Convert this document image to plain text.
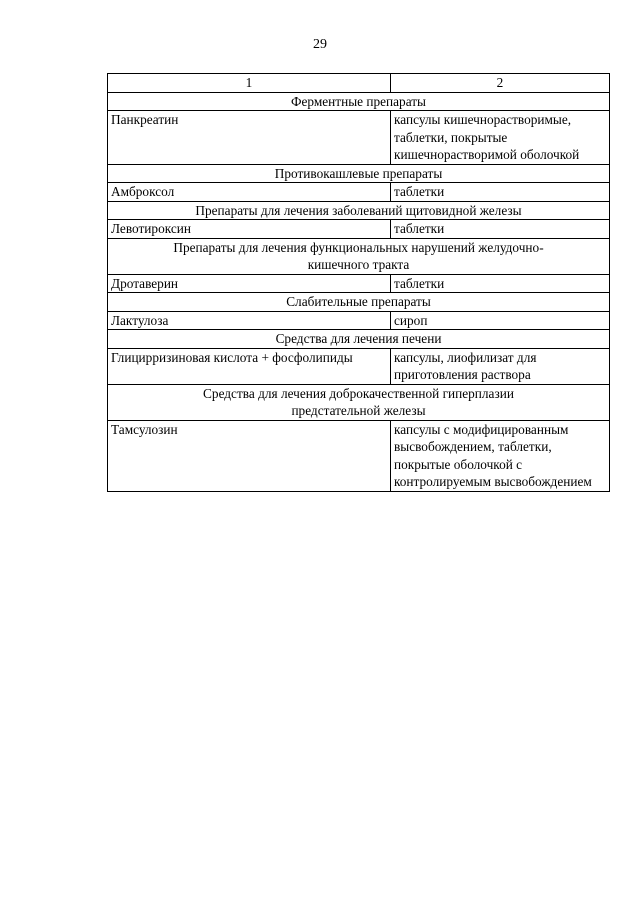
29
1	2
Ферментные препараты	
Панкреатин	капсулы кишечнорастворимые, таблетки, покрытые кишечнорастворимой оболочкой
Противокашлевые препараты	
Амброксол	таблетки
Препараты для лечения заболеваний щитовидной железы	
Левотироксин	таблетки
Препараты для лечения функциональных нарушений желудочно-кишечного тракта	
Дротаверин	таблетки
Слабительные препараты	
Лактулоза	сироп
Средства для лечения печени	
Глицирризиновая кислота + фосфолипиды	капсулы, лиофилизат для приготовления раствора
Средства для лечения доброкачественной гиперплазии предстательной железы	
Тамсулозин	капсулы с модифицированным высвобождением, таблетки, покрытые оболочкой с контролируемым высвобождением
